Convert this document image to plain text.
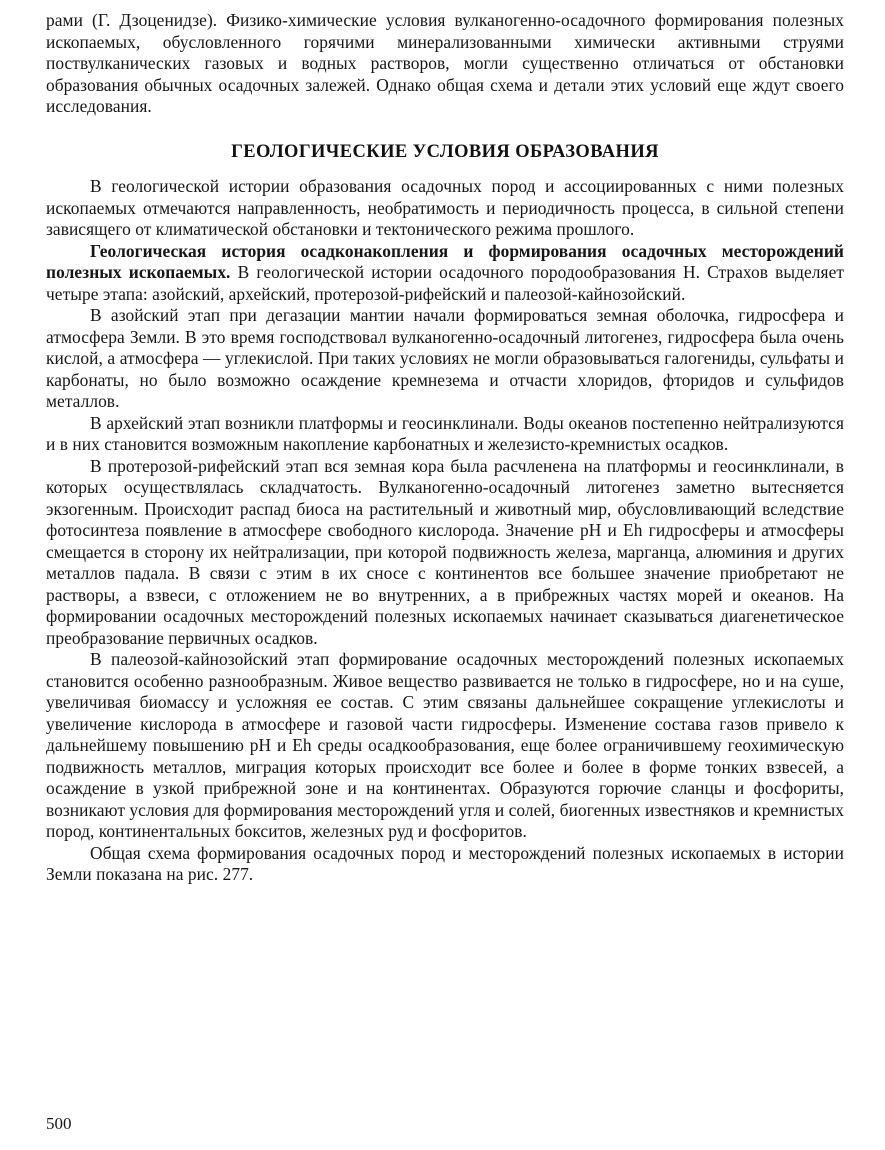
рами (Г. Дзоценидзе). Физико-химические условия вулканогенно-осадочного формирования полезных ископаемых, обусловленного горячими минерализованными химически активными струями поствулканических газовых и водных растворов, могли существенно отличаться от обстановки образования обычных осадочных залежей. Однако общая схема и детали этих условий еще ждут своего исследования.

ГЕОЛОГИЧЕСКИЕ УСЛОВИЯ ОБРАЗОВАНИЯ

В геологической истории образования осадочных пород и ассоциированных с ними полезных ископаемых отмечаются направленность, необратимость и периодичность процесса, в сильной степени зависящего от климатической обстановки и тектонического режима прошлого.

Геологическая история осадконакопления и формирования осадочных месторождений полезных ископаемых. В геологической истории осадочного породообразования Н. Страхов выделяет четыре этапа: азойский, архейский, протерозой-рифейский и палеозой-кайнозойский.

В азойский этап при дегазации мантии начали формироваться земная оболочка, гидросфера и атмосфера Земли. В это время господствовал вулканогенно-осадочный литогенез, гидросфера была очень кислой, а атмосфера — углекислой. При таких условиях не могли образовываться галогениды, сульфаты и карбонаты, но было возможно осаждение кремнезема и отчасти хлоридов, фторидов и сульфидов металлов.

В архейский этап возникли платформы и геосинклинали. Воды океанов постепенно нейтрализуются и в них становится возможным накопление карбонатных и железисто-кремнистых осадков.

В протерозой-рифейский этап вся земная кора была расчленена на платформы и геосинклинали, в которых осуществлялась складчатость. Вулканогенно-осадочный литогенез заметно вытесняется экзогенным. Происходит распад биоса на растительный и животный мир, обусловливающий вследствие фотосинтеза появление в атмосфере свободного кислорода. Значение pH и Eh гидросферы и атмосферы смещается в сторону их нейтрализации, при которой подвижность железа, марганца, алюминия и других металлов падала. В связи с этим в их сносе с континентов все большее значение приобретают не растворы, а взвеси, с отложением не во внутренних, а в прибрежных частях морей и океанов. На формировании осадочных месторождений полезных ископаемых начинает сказываться диагенетическое преобразование первичных осадков.

В палеозой-кайнозойский этап формирование осадочных месторождений полезных ископаемых становится особенно разнообразным. Живое вещество развивается не только в гидросфере, но и на суше, увеличивая биомассу и усложняя ее состав. С этим связаны дальнейшее сокращение углекислоты и увеличение кислорода в атмосфере и газовой части гидросферы. Изменение состава газов привело к дальнейшему повышению pH и Eh среды осадкообразования, еще более ограничившему геохимическую подвижность металлов, миграция которых происходит все более и более в форме тонких взвесей, а осаждение в узкой прибрежной зоне и на континентах. Образуются горючие сланцы и фосфориты, возникают условия для формирования месторождений угля и солей, биогенных известняков и кремнистых пород, континентальных бокситов, железных руд и фосфоритов.

Общая схема формирования осадочных пород и месторождений полезных ископаемых в истории Земли показана на рис. 277.

500
